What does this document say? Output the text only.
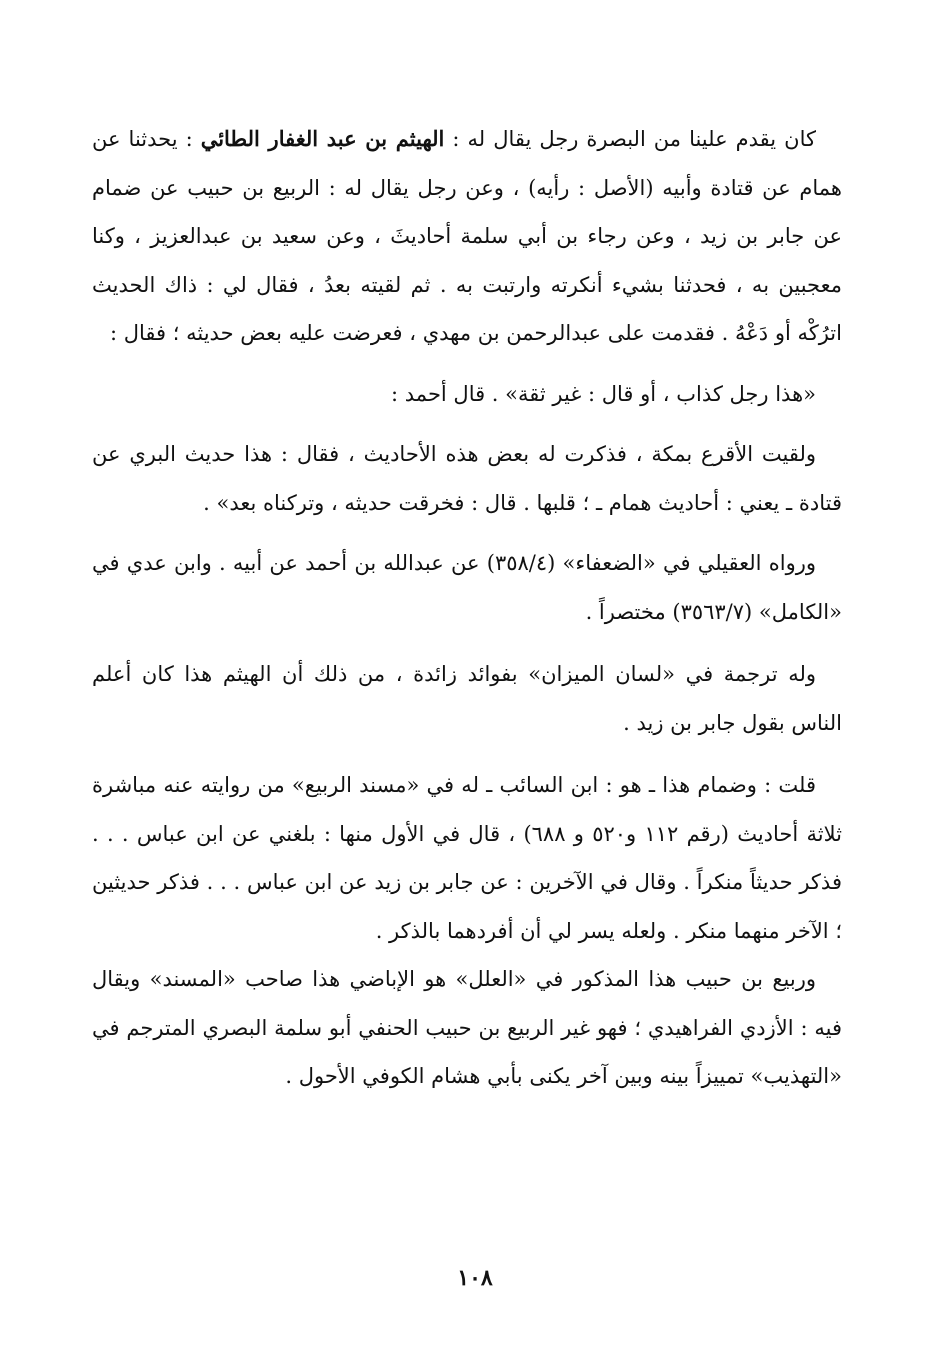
كان يقدم علينا من البصرة رجل يقال له : الهيثم بن عبد الغفار الطائي : يحدثنا عن همام عن قتادة وأبيه (الأصل : رأيه) ، وعن رجل يقال له : الربيع بن حبيب عن ضمام عن جابر بن زيد ، وعن رجاء بن أبي سلمة أحاديثَ ، وعن سعيد بن عبدالعزيز ، وكنا معجبين به ، فحدثنا بشيء أنكرته وارتبت به . ثم لقيته بعدُ ، فقال لي : ذاك الحديث اترُكْه أو دَعْهُ . فقدمت على عبدالرحمن بن مهدي ، فعرضت عليه بعض حديثه ؛ فقال :

«هذا رجل كذاب ، أو قال : غير ثقة» . قال أحمد :

ولقيت الأقرع بمكة ، فذكرت له بعض هذه الأحاديث ، فقال : هذا حديث البري عن قتادة ـ يعني : أحاديث همام ـ ؛ قلبها . قال : فخرقت حديثه ، وتركناه بعد» .

ورواه العقيلي في «الضعفاء» (٣٥٨/٤) عن عبدالله بن أحمد عن أبيه . وابن عدي في «الكامل» (٣٥٦٣/٧) مختصراً .

وله ترجمة في «لسان الميزان» بفوائد زائدة ، من ذلك أن الهيثم هذا كان أعلم الناس بقول جابر بن زيد .

قلت : وضمام هذا ـ هو : ابن السائب ـ له في «مسند الربيع» من روايته عنه مباشرة ثلاثة أحاديث (رقم ١١٢ و٥٢٠ و ٦٨٨) ، قال في الأول منها : بلغني عن ابن عباس . . . فذكر حديثاً منكراً . وقال في الآخرين : عن جابر بن زيد عن ابن عباس . . . فذكر حديثين ؛ الآخر منهما منكر . ولعله يسر لي أن أفردهما بالذكر .

وربيع بن حبيب هذا المذكور في «العلل» هو الإباضي هذا صاحب «المسند» ويقال فيه : الأزدي الفراهيدي ؛ فهو غير الربيع بن حبيب الحنفي أبو سلمة البصري المترجم في «التهذيب» تمييزاً بينه وبين آخر يكنى بأبي هشام الكوفي الأحول .

١٠٨
